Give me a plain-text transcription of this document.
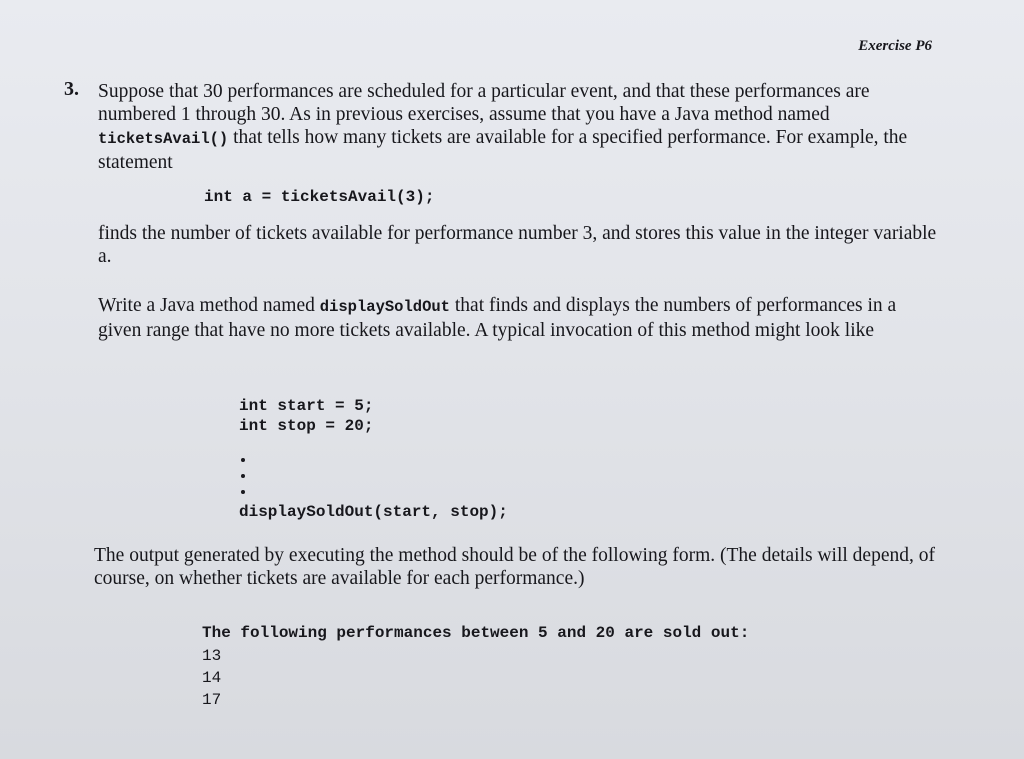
Exercise P6
3. Suppose that 30 performances are scheduled for a particular event, and that these performances are numbered 1 through 30. As in previous exercises, assume that you have a Java method named ticketsAvail() that tells how many tickets are available for a specified performance. For example, the statement

int a = ticketsAvail(3);

finds the number of tickets available for performance number 3, and stores this value in the integer variable a.

Write a Java method named displaySoldOut that finds and displays the numbers of performances in a given range that have no more tickets available. A typical invocation of this method might look like

int start = 5;
int stop = 20;
displaySoldOut(start, stop);

The output generated by executing the method should be of the following form. (The details will depend, of course, on whether tickets are available for each performance.)

The following performances between 5 and 20 are sold out:
13
14
17
